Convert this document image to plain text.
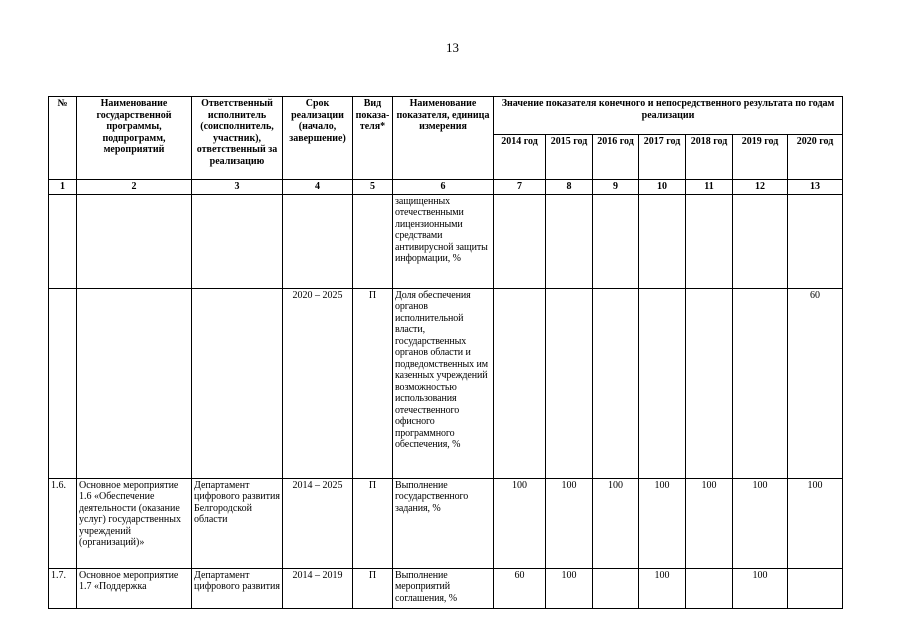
13
№	Наименование государственной программы, подпрограмм, мероприятий	Ответственный исполнитель (соисполнитель, участник), ответственный за реализацию	Срок реализации (начало, завершение)	Вид показа-теля*	Наименование показателя, единица измерения	Значение показателя конечного и непосредственного результата по годам реализации						
						2014 год	2015 год	2016 год	2017 год	2018 год	2019 год	2020 год
1	2	3	4	5	6	7	8	9	10	11	12	13
					защищенных отечественными лицензионными средствами антивирусной защиты информации, %							
			2020 – 2025	П	Доля обеспечения органов исполнительной власти, государственных органов области и подведомственных им казенных учреждений возможностью использования отечественного офисного программного обеспечения, %							60
1.6.	Основное мероприятие 1.6 «Обеспечение деятельности (оказание услуг) государственных учреждений (организаций)»	Департамент цифрового развития Белгородской области	2014 – 2025	П	Выполнение государственного задания, %	100	100	100	100	100	100	100
1.7.	Основное мероприятие 1.7 «Поддержка	Департамент цифрового развития	2014 – 2019	П	Выполнение мероприятий соглашения, %	60	100		100		100	
